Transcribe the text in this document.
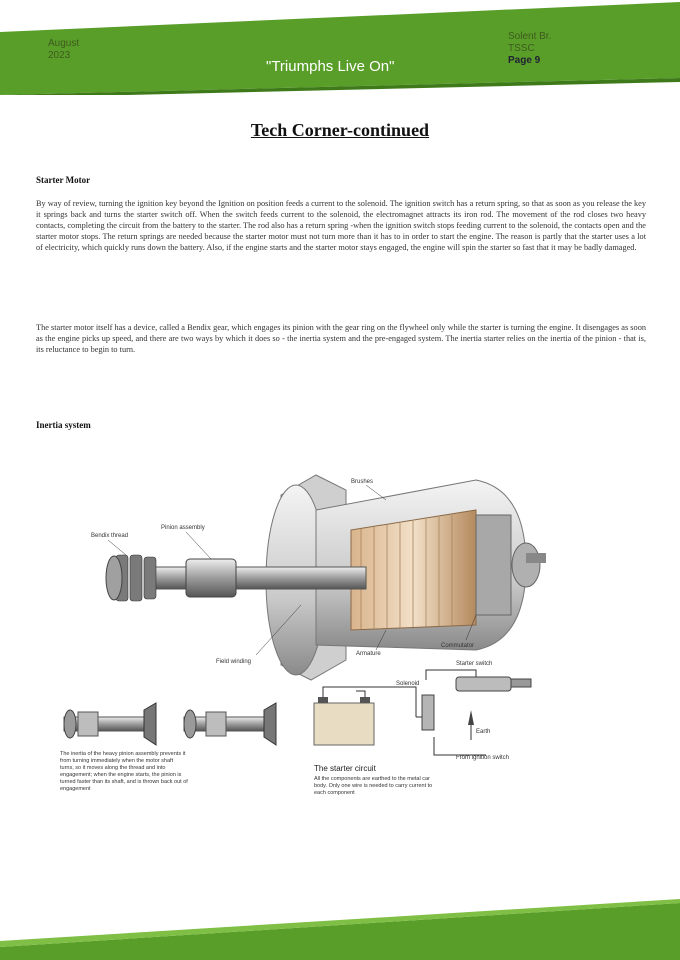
August
2023
"Triumphs Live On"
Solent Br.
TSSC
Page 9
Tech Corner-continued
Starter Motor

By way of review, turning the ignition key beyond the Ignition on position feeds a current to the solenoid. The ignition switch has a return spring, so that as soon as you release the key it springs back and turns the starter switch off. When the switch feeds current to the solenoid, the electromagnet attracts its iron rod. The movement of the rod closes two heavy contacts, completing the circuit from the battery to the starter. The rod also has a return spring -when the ignition switch stops feeding current to the solenoid, the contacts open and the starter motor stops. The return springs are needed because the starter motor must not turn more than it has to in order to start the engine. The reason is partly that the starter uses a lot of electricity, which quickly runs down the battery. Also, if the engine starts and the starter motor stays engaged, the engine will spin the starter so fast that it may be badly damaged.

The starter motor itself has a device, called a Bendix gear, which engages its pinion with the gear ring on the flywheel only while the starter is turning the engine. It disengages as soon as the engine picks up speed, and there are two ways by which it does so - the inertia system and the pre-engaged system. The inertia starter relies on the inertia of the pinion - that is, its reluctance to begin to turn.

Inertia system
Bendix thread
Pinion assembly
Field winding
Brushes
Armature
Commutator
The inertia of the heavy pinion assembly prevents it from turning immediately when the motor shaft turns, so it moves along the thread and into engagement; when the engine starts, the pinion is turned faster than its shaft, and is thrown back out of engagement
Solenoid
Starter switch
Earth
From ignition switch
The starter circuit
All the components are earthed to the metal car body. Only one wire is needed to carry current to each component
